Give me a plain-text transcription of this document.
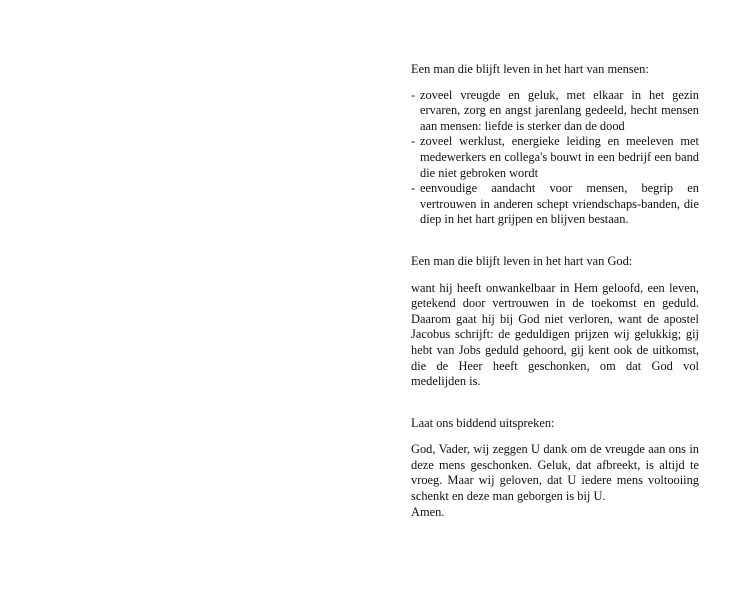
Een man die blijft leven in het hart van mensen:

- zoveel vreugde en geluk, met elkaar in het gezin ervaren, zorg en angst jarenlang gedeeld, hecht mensen aan mensen: liefde is sterker dan de dood
- zoveel werklust, energieke leiding en meeleven met medewerkers en collega's bouwt in een bedrijf een band die niet gebroken wordt
- eenvoudige aandacht voor mensen, begrip en vertrouwen in anderen schept vriendschaps-banden, die diep in het hart grijpen en blijven bestaan.

Een man die blijft leven in het hart van God:

want hij heeft onwankelbaar in Hem geloofd, een leven, getekend door vertrouwen in de toekomst en geduld. Daarom gaat hij bij God niet verloren, want de apostel Jacobus schrijft: de geduldigen prijzen wij gelukkig; gij hebt van Jobs geduld gehoord, gij kent ook de uitkomst, die de Heer heeft geschonken, om dat God vol medelijden is.

Laat ons biddend uitspreken:

God, Vader, wij zeggen U dank om de vreugde aan ons in deze mens geschonken. Geluk, dat afbreekt, is altijd te vroeg. Maar wij geloven, dat U iedere mens voltooiing schenkt en deze man geborgen is bij U.

Amen.
